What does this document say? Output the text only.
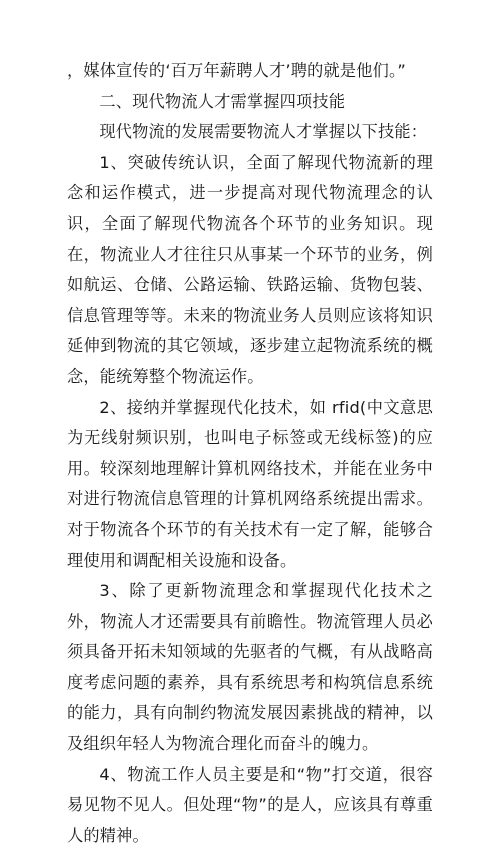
，媒体宣传的‘百万年薪聘人才’聘的就是他们。”

二、现代物流人才需掌握四项技能

现代物流的发展需要物流人才掌握以下技能：

1、突破传统认识，全面了解现代物流新的理念和运作模式，进一步提高对现代物流理念的认识，全面了解现代物流各个环节的业务知识。现在，物流业人才往往只从事某一个环节的业务，例如航运、仓储、公路运输、铁路运输、货物包装、信息管理等等。未来的物流业务人员则应该将知识延伸到物流的其它领域，逐步建立起物流系统的概念，能统筹整个物流运作。

2、接纳并掌握现代化技术，如 rfid(中文意思为无线射频识别，也叫电子标签或无线标签)的应用。较深刻地理解计算机网络技术，并能在业务中对进行物流信息管理的计算机网络系统提出需求。对于物流各个环节的有关技术有一定了解，能够合理使用和调配相关设施和设备。

3、除了更新物流理念和掌握现代化技术之外，物流人才还需要具有前瞻性。物流管理人员必须具备开拓未知领域的先驱者的气概，有从战略高度考虑问题的素养，具有系统思考和构筑信息系统的能力，具有向制约物流发展因素挑战的精神，以及组织年轻人为物流合理化而奋斗的魄力。

4、物流工作人员主要是和“物”打交道，很容易见物不见人。但处理“物”的是人，应该具有尊重人的精神。
